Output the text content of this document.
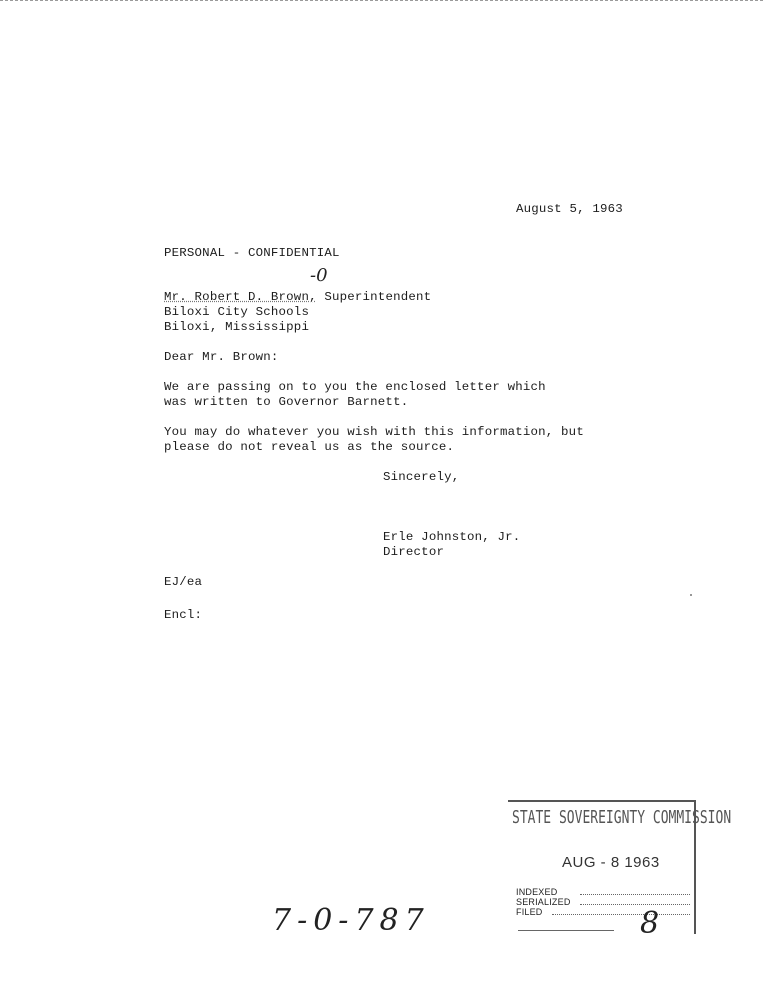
August 5, 1963
PERSONAL - CONFIDENTIAL
-0
Mr. Robert D. Brown, Superintendent
Biloxi City Schools
Biloxi, Mississippi
Dear Mr. Brown:
We are passing on to you the enclosed letter which
was written to Governor Barnett.
You may do whatever you wish with this information, but
please do not reveal us as the source.
Sincerely,
Erle Johnston, Jr.
Director
EJ/ea
Encl:
7-0-787
STATE SOVEREIGNTY COMMISSION
AUG - 8 1963
INDEXED
SERIALIZED
FILED	8
